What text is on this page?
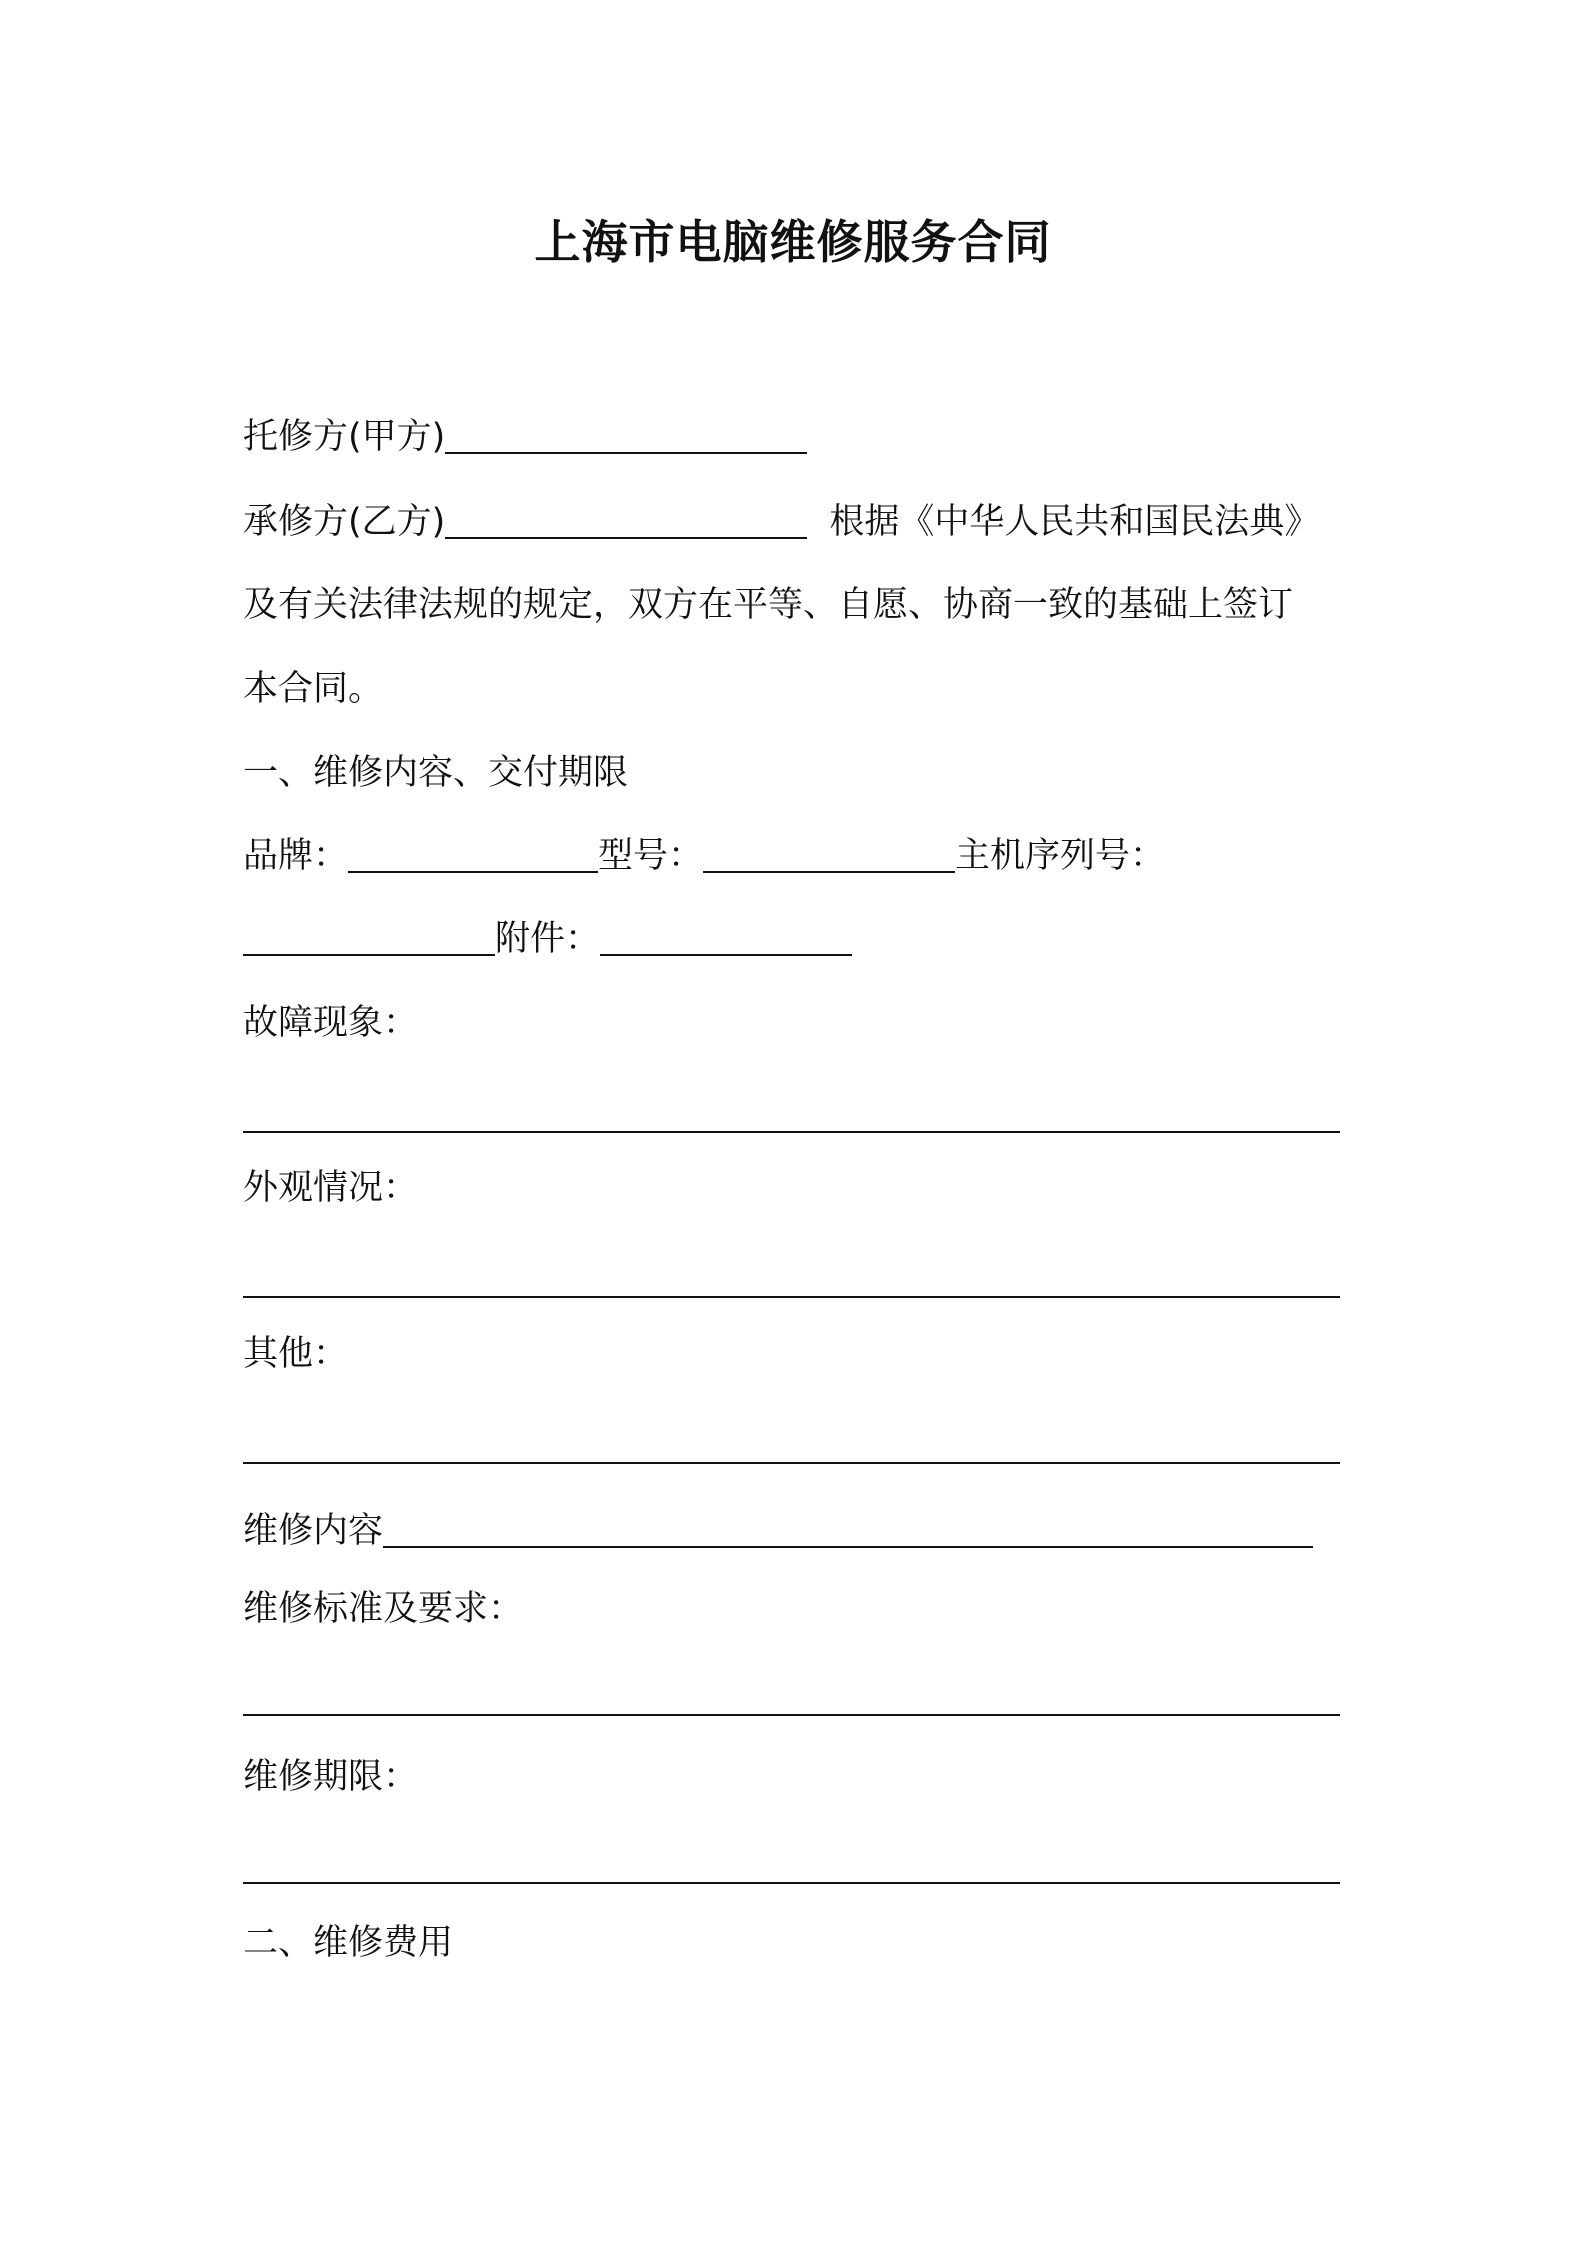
上海市电脑维修服务合同
托修方(甲方)
承修方(乙方)	根据《中华人民共和国民法典》
及有关法律法规的规定，双方在平等、自愿、协商一致的基础上签订
本合同。
一、维修内容、交付期限
品牌：	型号：	主机序列号：
附件：
故障现象：
外观情况：
其他：
维修内容
维修标准及要求：
维修期限：
二、维修费用
